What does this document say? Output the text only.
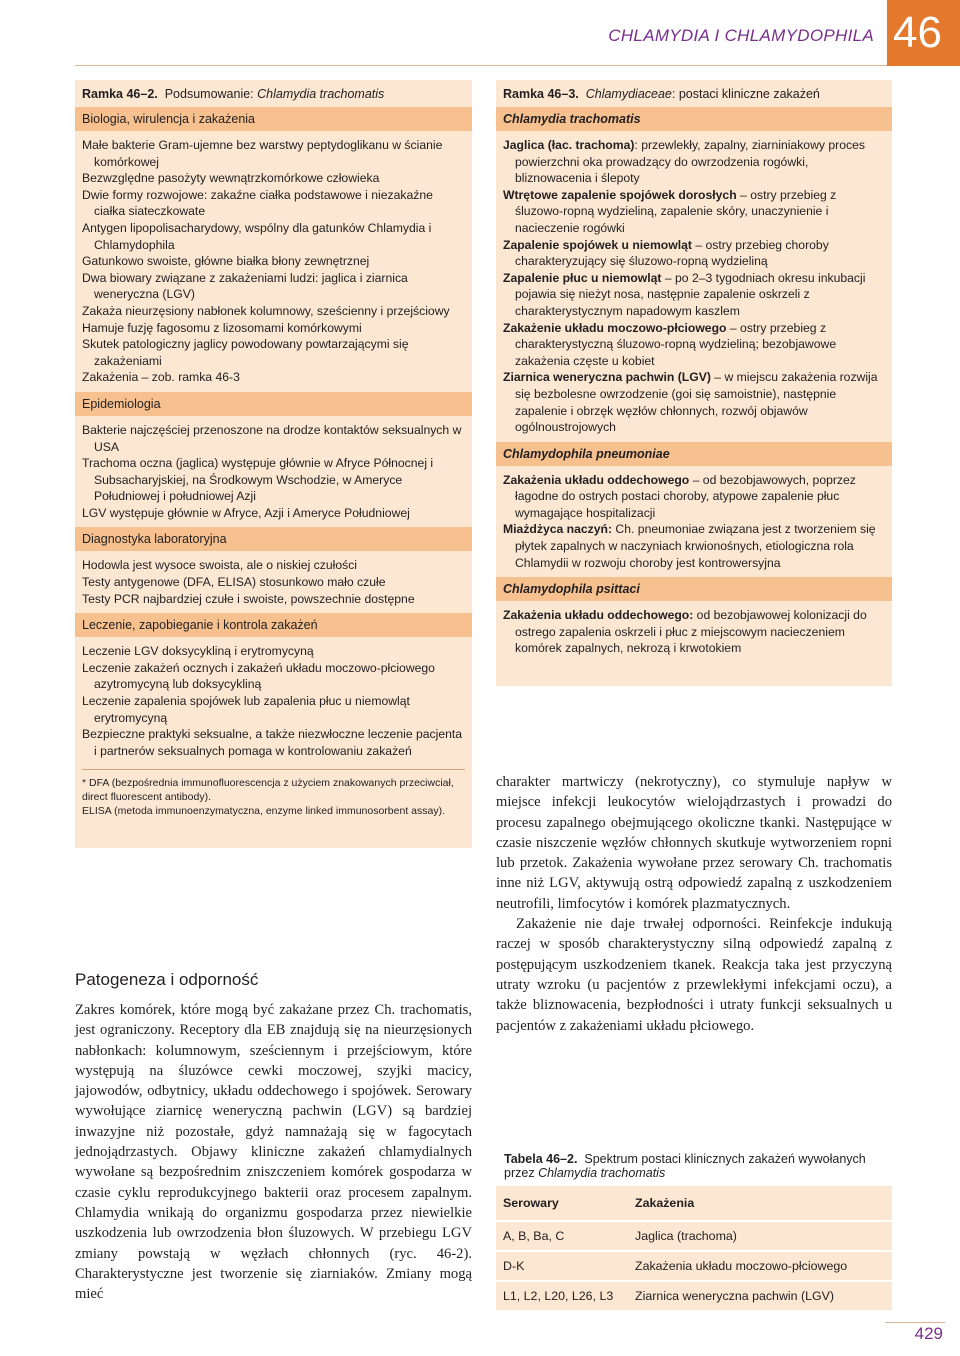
CHLAMYDIA I CHLAMYDOPHILA 46
Ramka 46–2. Podsumowanie: Chlamydia trachomatis
Biologia, wirulencja i zakażenia

Małe bakterie Gram-ujemne bez warstwy peptydoglikanu w ścianie komórkowej

Bezwzględne pasożyty wewnątrzkomórkowe człowieka

Dwie formy rozwojowe: zakaźne ciałka podstawowe i niezakaźne ciałka siateczkowate

Antygen lipopolisacharydowy, wspólny dla gatunków Chlamydia i Chlamydophila

Gatunkowo swoiste, główne białka błony zewnętrznej

Dwa biowary związane z zakażeniami ludzi: jaglica i ziarnica weneryczna (LGV)

Zakaża nieurzęsiony nabłonek kolumnowy, sześcienny i przejściowy

Hamuje fuzję fagosomu z lizosomami komórkowymi

Skutek patologiczny jaglicy powodowany powtarzającymi się zakażeniami

Zakażenia – zob. ramka 46-3

Epidemiologia

Bakterie najczęściej przenoszone na drodze kontaktów seksualnych w USA

Trachoma oczna (jaglica) występuje głównie w Afryce Północnej i Subsacharyjskiej, na Środkowym Wschodzie, w Ameryce Południowej i południowej Azji

LGV występuje głównie w Afryce, Azji i Ameryce Południowej

Diagnostyka laboratoryjna

Hodowla jest wysoce swoista, ale o niskiej czułości

Testy antygenowe (DFA, ELISA) stosunkowo mało czułe

Testy PCR najbardziej czułe i swoiste, powszechnie dostępne

Leczenie, zapobieganie i kontrola zakażeń

Leczenie LGV doksycykliną i erytromycyną

Leczenie zakażeń ocznych i zakażeń układu moczowo-płciowego azytromycyną lub doksycykliną

Leczenie zapalenia spojówek lub zapalenia płuc u niemowląt erytromycyną

Bezpieczne praktyki seksualne, a także niezwłoczne leczenie pacjenta i partnerów seksualnych pomaga w kontrolowaniu zakażeń

* DFA (bezpośrednia immunofluorescencja z użyciem znakowanych przeciwciał, direct fluorescent antibody).
ELISA (metoda immunoenzymatyczna, enzyme linked immunosorbent assay).
Ramka 46–3. Chlamydiaceae: postaci kliniczne zakażeń
Chlamydia trachomatis

Jaglica (łac. trachoma): przewlekły, zapalny, ziarniniakowy proces powierzchni oka prowadzący do owrzodzenia rogówki, bliznowacenia i ślepoty

Wtrętowe zapalenie spojówek dorosłych – ostry przebieg z śluzowo-ropną wydzieliną, zapalenie skóry, unaczynienie i nacieczenie rogówki

Zapalenie spojówek u niemowląt – ostry przebieg choroby charakteryzujący się śluzowo-ropną wydzieliną

Zapalenie płuc u niemowląt – po 2–3 tygodniach okresu inkubacji pojawia się nieżyt nosa, następnie zapalenie oskrzeli z charakterystycznym napadowym kaszlem

Zakażenie układu moczowo-płciowego – ostry przebieg z charakterystyczną śluzowo-ropną wydzieliną; bezobjawowe zakażenia częste u kobiet

Ziarnica weneryczna pachwin (LGV) – w miejscu zakażenia rozwija się bezbolesne owrzodzenie (goi się samoistnie), następnie zapalenie i obrzęk węzłów chłonnych, rozwój objawów ogólnoustrojowych

Chlamydophila pneumoniae

Zakażenia układu oddechowego – od bezobjawowych, poprzez łagodne do ostrych postaci choroby, atypowe zapalenie płuc wymagające hospitalizacji

Miażdżyca naczyń: Ch. pneumoniae związana jest z tworzeniem się płytek zapalnych w naczyniach krwionośnych, etiologiczna rola Chlamydii w rozwoju choroby jest kontrowersyjna

Chlamydophila psittaci

Zakażenia układu oddechowego: od bezobjawowej kolonizacji do ostrego zapalenia oskrzeli i płuc z miejscowym nacieczeniem komórek zapalnych, nekrozą i krwotokiem

charakter martwiczy (nekrotyczny), co stymuluje napływ w miejsce infekcji leukocytów wielojądrzastych i prowadzi do procesu zapalnego obejmującego okoliczne tkanki. Następujące w czasie niszczenie węzłów chłonnych skutkuje wytworzeniem ropni lub przetok. Zakażenia wywołane przez serowary Ch. trachomatis inne niż LGV, aktywują ostrą odpowiedź zapalną z uszkodzeniem neutrofili, limfocytów i komórek plazmatycznych.

Zakażenie nie daje trwałej odporności. Reinfekcje indukują raczej w sposób charakterystyczny silną odpowiedź zapalną z postępującym uszkodzeniem tkanek. Reakcja taka jest przyczyną utraty wzroku (u pacjentów z przewlekłymi infekcjami oczu), a także bliznowacenia, bezpłodności i utraty funkcji seksualnych u pacjentów z zakażeniami układu płciowego.

Patogeneza i odporność

Zakres komórek, które mogą być zakażane przez Ch. trachomatis, jest ograniczony. Receptory dla EB znajdują się na nieurzęsionych nabłonkach: kolumnowym, sześciennym i przejściowym, które występują na śluzówce cewki moczowej, szyjki macicy, jajowodów, odbytnicy, układu oddechowego i spojówek. Serowary wywołujące ziarnicę weneryczną pachwin (LGV) są bardziej inwazyjne niż pozostałe, gdyż namnażają się w fagocytach jednojądrzastych. Objawy kliniczne zakażeń chlamydialnych wywołane są bezpośrednim zniszczeniem komórek gospodarza w czasie cyklu reprodukcyjnego bakterii oraz procesem zapalnym. Chlamydia wnikają do organizmu gospodarza przez niewielkie uszkodzenia lub owrzodzenia błon śluzowych. W przebiegu LGV zmiany powstają w węzłach chłonnych (ryc. 46-2). Charakterystyczne jest tworzenie się ziarniaków. Zmiany mogą mieć

Tabela 46–2. Spektrum postaci klinicznych zakażeń wywołanych przez Chlamydia trachomatis
Serowary	Zakażenia
A, B, Ba, C	Jaglica (trachoma)
D-K	Zakażenia układu moczowo-płciowego
L1, L2, L20, L26, L3	Ziarnica weneryczna pachwin (LGV)
429
